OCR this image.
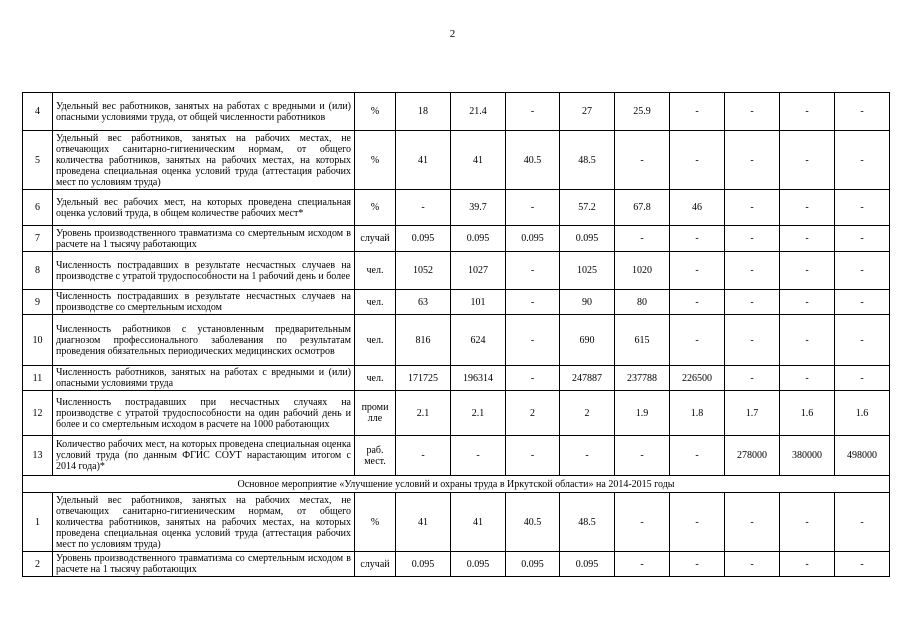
2
4	Удельный вес работников, занятых на работах с вредными и (или) опасными условиями труда, от общей численности работников	%	18	21.4	-	27	25.9	-	-	-	-
5	Удельный вес работников, занятых на рабочих местах, не отвечающих санитарно-гигиеническим нормам, от общего количества работников, занятых на рабочих местах, на которых проведена специальная оценка условий труда (аттестация рабочих мест по условиям труда)	%	41	41	40.5	48.5	-	-	-	-	-
6	Удельный вес рабочих мест, на которых проведена специальная оценка условий труда, в общем количестве рабочих мест*	%	-	39.7	-	57.2	67.8	46	-	-	-
7	Уровень производственного травматизма со смертельным исходом в расчете на 1 тысячу работающих	случай	0.095	0.095	0.095	0.095	-	-	-	-	-
8	Численность пострадавших в результате несчастных случаев на производстве с утратой трудоспособности на 1 рабочий день и более	чел.	1052	1027	-	1025	1020	-	-	-	-
9	Численность пострадавших в результате несчастных случаев на производстве со смертельным исходом	чел.	63	101	-	90	80	-	-	-	-
10	Численность работников с установленным предварительным диагнозом профессионального заболевания по результатам проведения обязательных периодических медицинских осмотров	чел.	816	624	-	690	615	-	-	-	-
11	Численность работников, занятых на работах с вредными и (или) опасными условиями труда	чел.	171725	196314	-	247887	237788	226500	-	-	-
12	Численность пострадавших при несчастных случаях на производстве с утратой трудоспособности на один рабочий день и более и со смертельным исходом в расчете на 1000 работающих	проми лле	2.1	2.1	2	2	1.9	1.8	1.7	1.6	1.6
13	Количество рабочих мест, на которых проведена специальная оценка условий труда (по данным ФГИС СОУТ нарастающим итогом с 2014 года)*	раб. мест.	-	-	-	-	-	-	278000	380000	498000
Основное мероприятие «Улучшение условий и охраны труда в Иркутской области» на 2014-2015 годы											
1	Удельный вес работников, занятых на рабочих местах, не отвечающих санитарно-гигиеническим нормам, от общего количества работников, занятых на рабочих местах, на которых проведена специальная оценка условий труда (аттестация рабочих мест по условиям труда)	%	41	41	40.5	48.5	-	-	-	-	-
2	Уровень производственного травматизма со смертельным исходом в расчете на 1 тысячу работающих	случай	0.095	0.095	0.095	0.095	-	-	-	-	-
